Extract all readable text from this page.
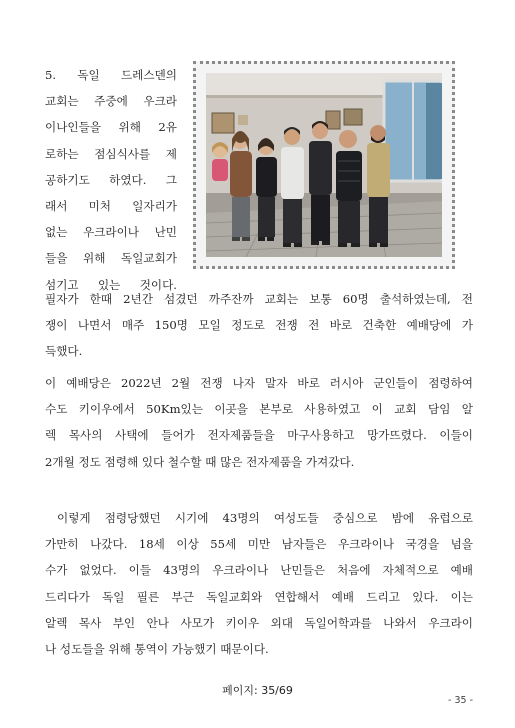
5. 독일 드레스덴의
교회는 주중에 우크라
이나인들을 위해 2유
로하는 점심식사를 제
공하기도 하였다. 그
래서 미처 일자리가
없는 우크라이나 난민
들을 위해 독일교회가
섬기고 있는 것이다.
필자가 한때 2년간 섬겼던 까주잔까 교회는 보통 60명 출석하였는데, 전
쟁이 나면서 매주 150명 모일 정도로 전쟁 전 바로 건축한 예배당에 가
득했다.
이 예배당은 2022년 2월 전쟁 나자 말자 바로 러시아 군인들이 점령하여
수도 키이우에서 50Km있는 이곳을 본부로 사용하였고 이 교회 담임 알
렉 목사의 사택에 들어가 전자제품들을 마구사용하고 망가뜨렸다. 이들이
2개월 정도 점령해 있다 철수할 때 많은 전자제품을 가져갔다.
이렇게 점령당했던 시기에 43명의 여성도들 중심으로 밤에 유럽으로
가만히 나갔다. 18세 이상 55세 미만 남자들은 우크라이나 국경을 넘을
수가 없었다. 이들 43명의 우크라이나 난민들은 처음에 자체적으로 예배
드리다가 독일 필른 부근 독일교회와 연합해서 예배 드리고 있다. 이는
알렉 목사 부인 안나 사모가 키이우 외대 독일어학과를 나와서 우크라이
나 성도들을 위해 통역이 가능했기 때문이다.
페이지: 35/69
- 35 -
